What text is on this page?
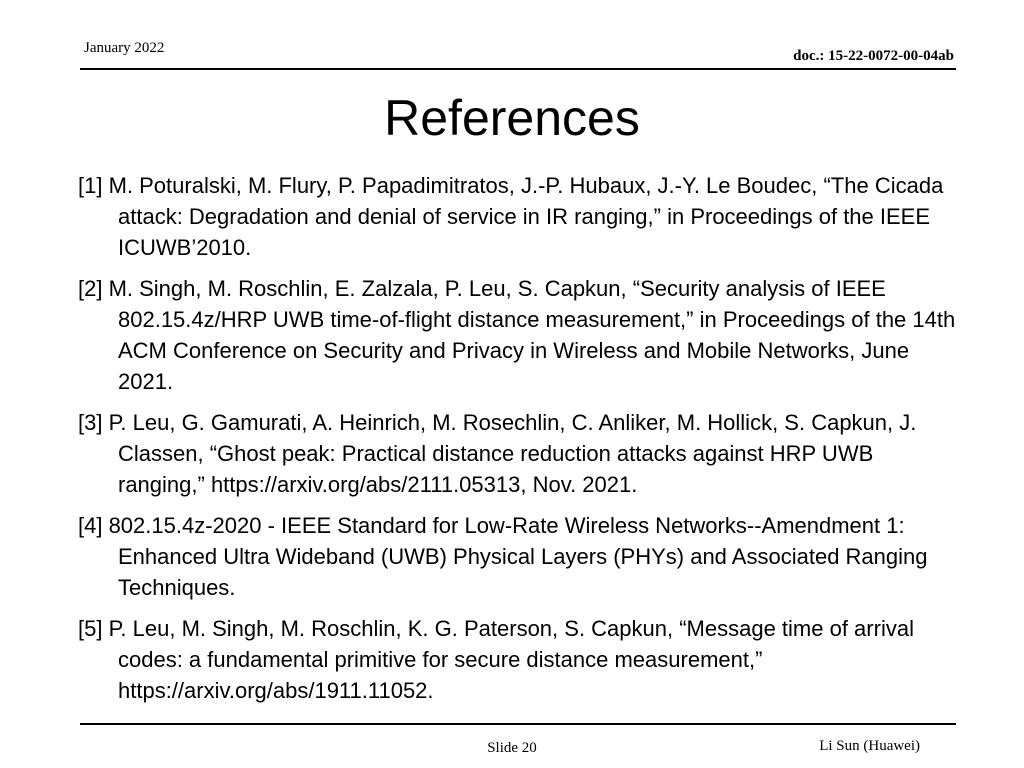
January 2022	doc.: 15-22-0072-00-04ab
References
[1] M. Poturalski, M. Flury, P. Papadimitratos, J.-P. Hubaux, J.-Y. Le Boudec, “The Cicada attack: Degradation and denial of service in IR ranging,” in Proceedings of the IEEE ICUWB’2010.
[2] M. Singh, M. Roschlin, E. Zalzala, P. Leu, S. Capkun, “Security analysis of IEEE 802.15.4z/HRP UWB time-of-flight distance measurement,” in Proceedings of the 14th ACM Conference on Security and Privacy in Wireless and Mobile Networks, June 2021.
[3] P. Leu, G. Gamurati, A. Heinrich, M. Rosechlin, C. Anliker, M. Hollick, S. Capkun, J. Classen, “Ghost peak: Practical distance reduction attacks against HRP UWB ranging,” https://arxiv.org/abs/2111.05313, Nov. 2021.
[4] 802.15.4z-2020 - IEEE Standard for Low-Rate Wireless Networks--Amendment 1: Enhanced Ultra Wideband (UWB) Physical Layers (PHYs) and Associated Ranging Techniques.
[5] P. Leu, M. Singh, M. Roschlin, K. G. Paterson, S. Capkun, “Message time of arrival codes: a fundamental primitive for secure distance measurement,” https://arxiv.org/abs/1911.11052.
Slide 20	Li Sun (Huawei)
